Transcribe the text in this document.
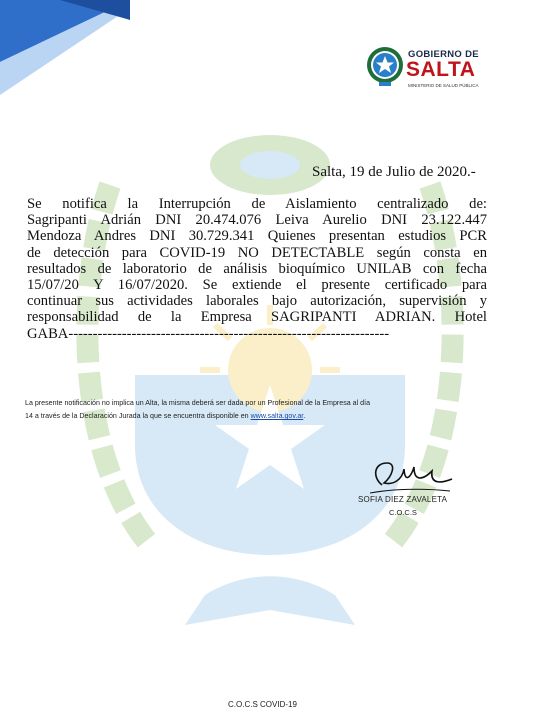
GOBIERNO DE
SALTA
MINISTERIO DE SALUD PÚBLICA
Salta, 19 de Julio de 2020.-
Se notifica la Interrupción de Aislamiento centralizado de:
Sagripanti Adrián DNI 20.474.076 Leiva Aurelio DNI 23.122.447
Mendoza Andres DNI 30.729.341 Quienes presentan estudios PCR
de detección para COVID-19 NO DETECTABLE según consta en
resultados de laboratorio de análisis bioquímico UNILAB con fecha
15/07/20 Y 16/07/2020. Se extiende el presente certificado para
continuar sus actividades laborales bajo autorización, supervisión y
responsabilidad de la Empresa SAGRIPANTI ADRIAN. Hotel
GABA------------------------------------------------------------------
La presente notificación no implica un Alta, la misma deberá ser dada por un Profesional de la Empresa al día
14 a través de la Declaración Jurada la que se encuentra disponible en www.salta.gov.ar.
SOFIA DIEZ ZAVALETA
C.O.C.S
C.O.C.S COVID-19
